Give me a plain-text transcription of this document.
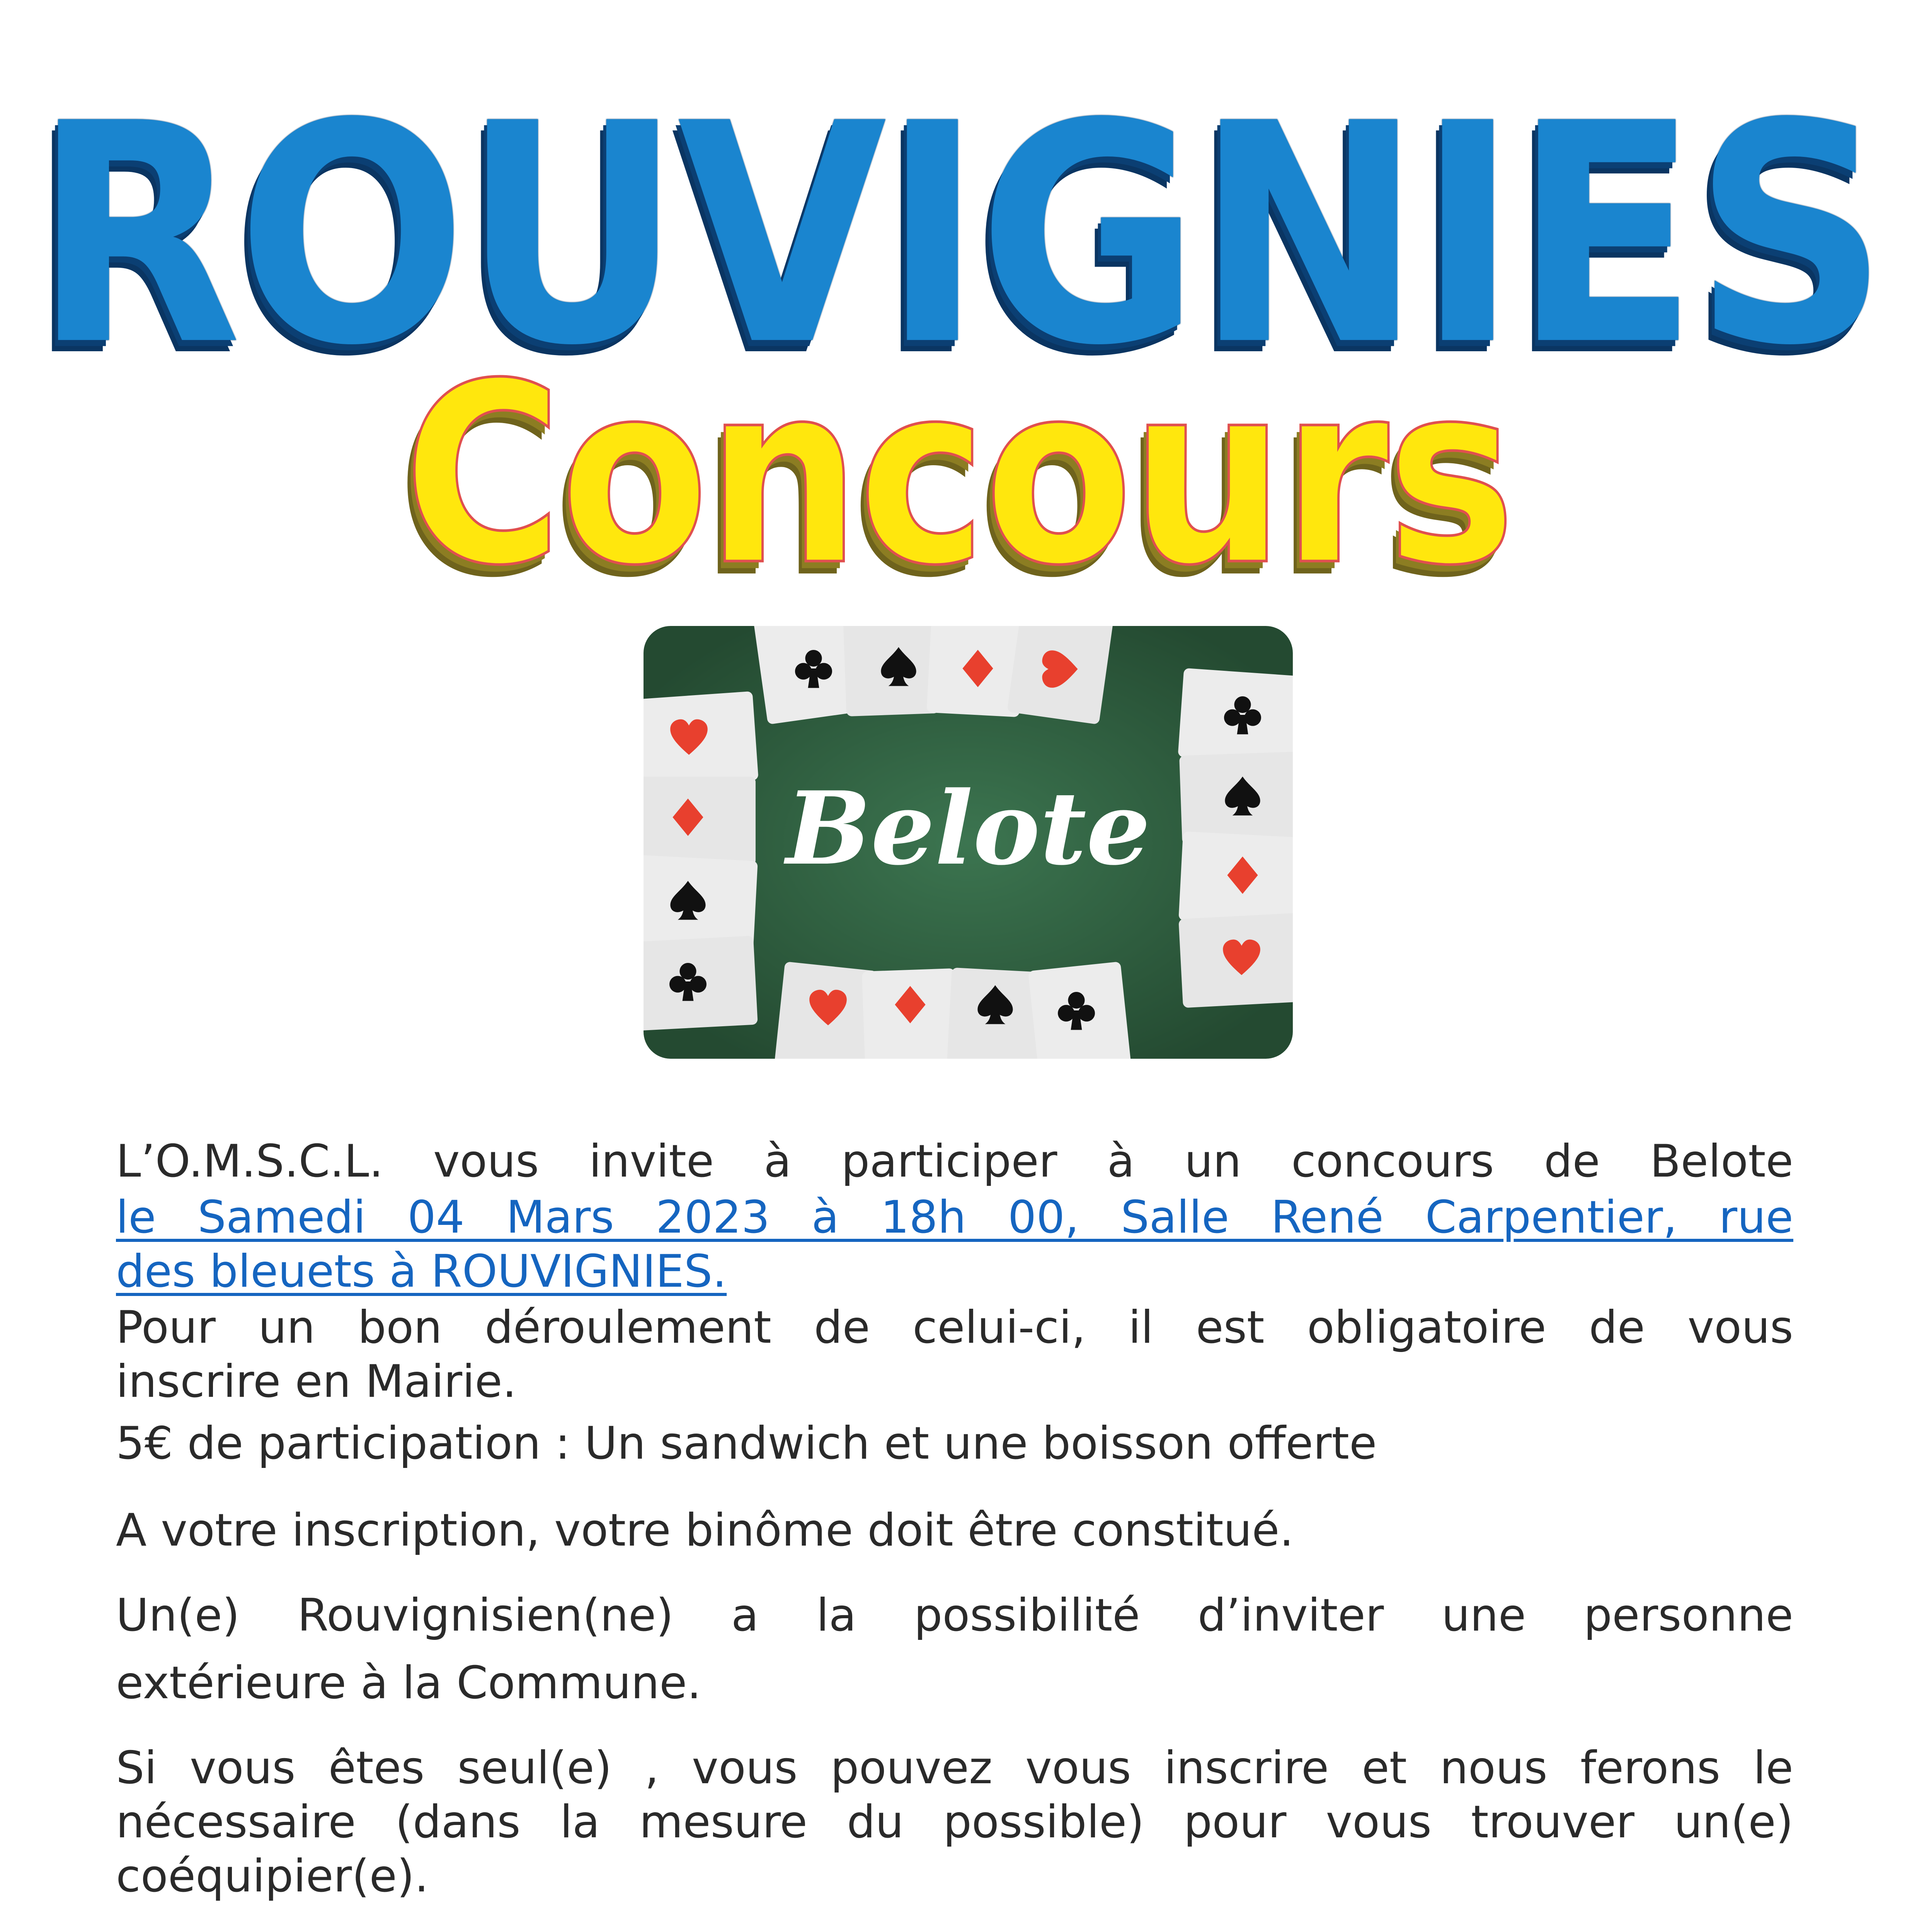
ROUVIGNIES
Concours
Belote

L’O.M.S.C.L. vous invite à participer à un concours de Belote

le Samedi 04 Mars 2023 à 18h 00, Salle René Carpentier, rue

des bleuets à ROUVIGNIES.

Pour un bon déroulement de celui-ci, il est obligatoire de vous

inscrire en Mairie.

5€ de participation : Un sandwich et une boisson offerte

A votre inscription, votre binôme doit être constitué.

Un(e) Rouvignisien(ne) a la possibilité d’inviter une personne

extérieure à la Commune.

Si vous êtes seul(e) , vous pouvez vous inscrire et nous ferons le

nécessaire (dans la mesure du possible) pour vous trouver un(e)

coéquipier(e).
